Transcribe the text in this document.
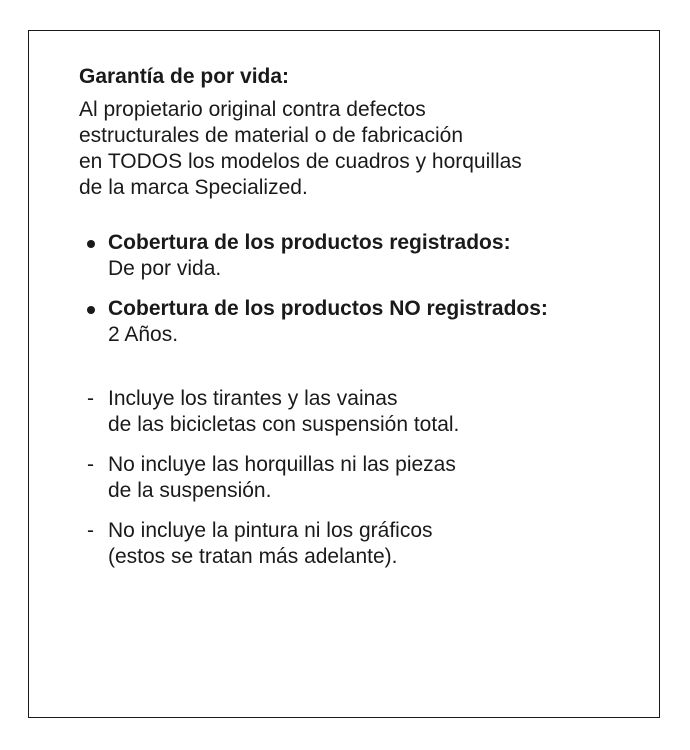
Garantía de por vida:

Al propietario original contra defectos
estructurales de material o de fabricación
en TODOS los modelos de cuadros y horquillas
de la marca Specialized.

Cobertura de los productos registrados:
De por vida.
Cobertura de los productos NO registrados:
2 Años.
- Incluye los tirantes y las vainas
de las bicicletas con suspensión total.
- No incluye las horquillas ni las piezas
de la suspensión.
- No incluye la pintura ni los gráficos
(estos se tratan más adelante).
